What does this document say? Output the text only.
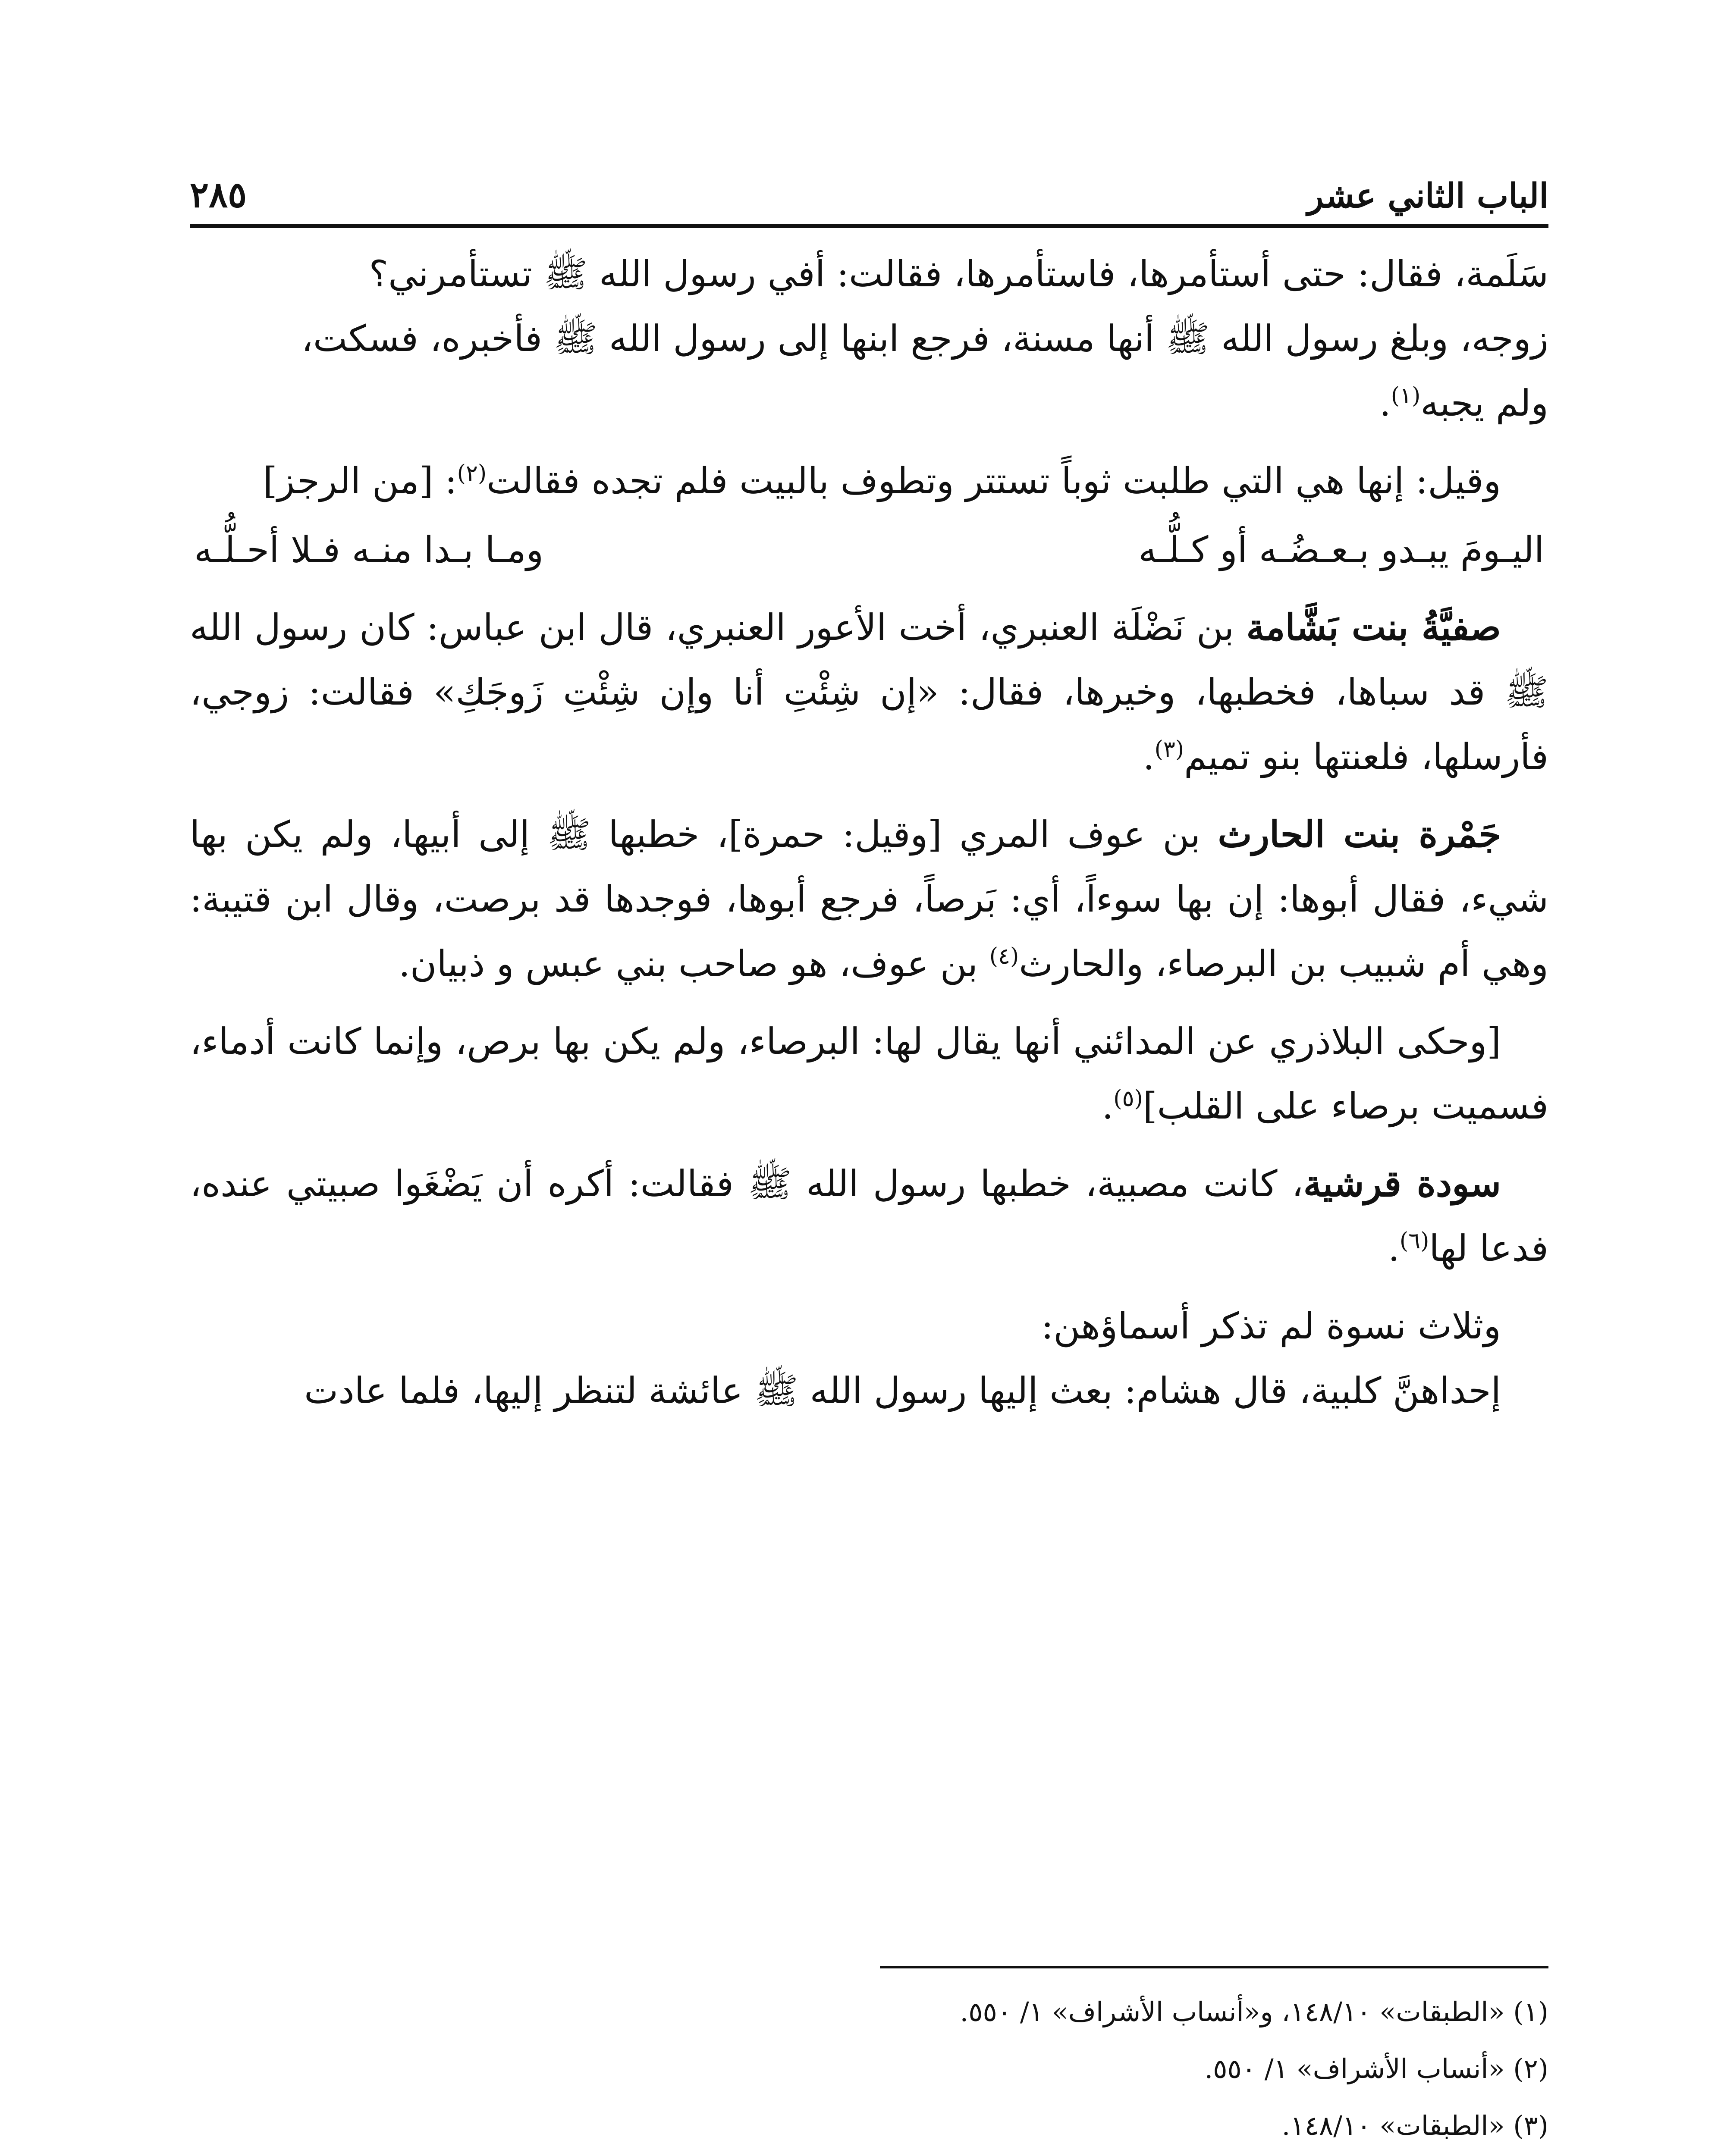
الباب الثاني عشر
٢٨٥

سَلَمة، فقال: حتى أستأمرها، فاستأمرها، فقالت: أفي رسول الله ﷺ تستأمرني؟

زوجه، وبلغ رسول الله ﷺ أنها مسنة، فرجع ابنها إلى رسول الله ﷺ فأخبره، فسكت،

ولم يجبه$^{(١)}$.

وقيل: إنها هي التي طلبت ثوباً تستتر وتطوف بالبيت فلم تجده فقالت$^{(٢)}$: [من الرجز]

اليـومَ يبـدو بـعـضُـه أو كـلُّـه
ومـا بـدا منـه فـلا أحـلُّـه

صفيَّةُ بنت بَشَّامة بن نَضْلَة العنبري، أخت الأعور العنبري، قال ابن عباس: كان رسول الله ﷺ قد سباها، فخطبها، وخيرها، فقال: «إن شِئْتِ أنا وإن شِئْتِ زَوجَكِ» فقالت: زوجي، فأرسلها، فلعنتها بنو تميم$^{(٣)}$.

جَمْرة بنت الحارث بن عوف المري [وقيل: حمرة]، خطبها ﷺ إلى أبيها، ولم يكن بها شيء، فقال أبوها: إن بها سوءاً، أي: بَرصاً، فرجع أبوها، فوجدها قد برصت، وقال ابن قتيبة: وهي أم شبيب بن البرصاء، والحارث$^{(٤)}$ بن عوف، هو صاحب بني عبس و ذبيان.

[وحكى البلاذري عن المدائني أنها يقال لها: البرصاء، ولم يكن بها برص، وإنما كانت أدماء، فسميت برصاء على القلب]$^{(٥)}$.

سودة قرشية، كانت مصبية، خطبها رسول الله ﷺ فقالت: أكره أن يَضْغَوا صبيتي عنده، فدعا لها$^{(٦)}$.

وثلاث نسوة لم تذكر أسماؤهن:

إحداهنَّ كلبية، قال هشام: بعث إليها رسول الله ﷺ عائشة لتنظر إليها، فلما عادت

(١) «الطبقات» ١٤٨/١٠، و«أنساب الأشراف» ١/ ٥٥٠.

(٢) «أنساب الأشراف» ١/ ٥٥٠.

(٣) «الطبقات» ١٤٨/١٠.
